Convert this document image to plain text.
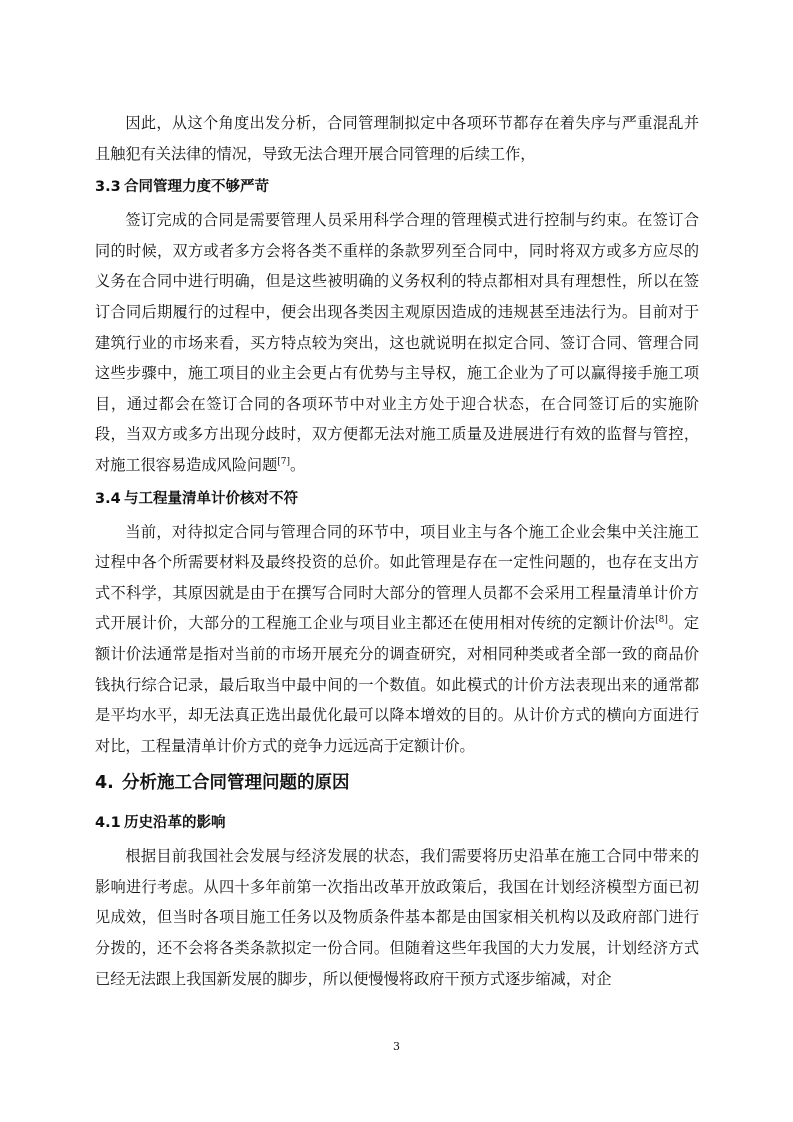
因此，从这个角度出发分析，合同管理制拟定中各项环节都存在着失序与严重混乱并且触犯有关法律的情况，导致无法合理开展合同管理的后续工作，

3.3 合同管理力度不够严苛

签订完成的合同是需要管理人员采用科学合理的管理模式进行控制与约束。在签订合同的时候，双方或者多方会将各类不重样的条款罗列至合同中，同时将双方或多方应尽的义务在合同中进行明确，但是这些被明确的义务权利的特点都相对具有理想性，所以在签订合同后期履行的过程中，便会出现各类因主观原因造成的违规甚至违法行为。目前对于建筑行业的市场来看，买方特点较为突出，这也就说明在拟定合同、签订合同、管理合同这些步骤中，施工项目的业主会更占有优势与主导权，施工企业为了可以赢得接手施工项目，通过都会在签订合同的各项环节中对业主方处于迎合状态，在合同签订后的实施阶段，当双方或多方出现分歧时，双方便都无法对施工质量及进展进行有效的监督与管控，对施工很容易造成风险问题[7]。

3.4 与工程量清单计价核对不符

当前，对待拟定合同与管理合同的环节中，项目业主与各个施工企业会集中关注施工过程中各个所需要材料及最终投资的总价。如此管理是存在一定性问题的，也存在支出方式不科学，其原因就是由于在撰写合同时大部分的管理人员都不会采用工程量清单计价方式开展计价，大部分的工程施工企业与项目业主都还在使用相对传统的定额计价法[8]。定额计价法通常是指对当前的市场开展充分的调查研究，对相同种类或者全部一致的商品价钱执行综合记录，最后取当中最中间的一个数值。如此模式的计价方法表现出来的通常都是平均水平，却无法真正选出最优化最可以降本增效的目的。从计价方式的横向方面进行对比，工程量清单计价方式的竞争力远远高于定额计价。

4. 分析施工合同管理问题的原因
4.1 历史沿革的影响

根据目前我国社会发展与经济发展的状态，我们需要将历史沿革在施工合同中带来的影响进行考虑。从四十多年前第一次指出改革开放政策后，我国在计划经济模型方面已初见成效，但当时各项目施工任务以及物质条件基本都是由国家相关机构以及政府部门进行分拨的，还不会将各类条款拟定一份合同。但随着这些年我国的大力发展，计划经济方式已经无法跟上我国新发展的脚步，所以便慢慢将政府干预方式逐步缩减，对企

3
